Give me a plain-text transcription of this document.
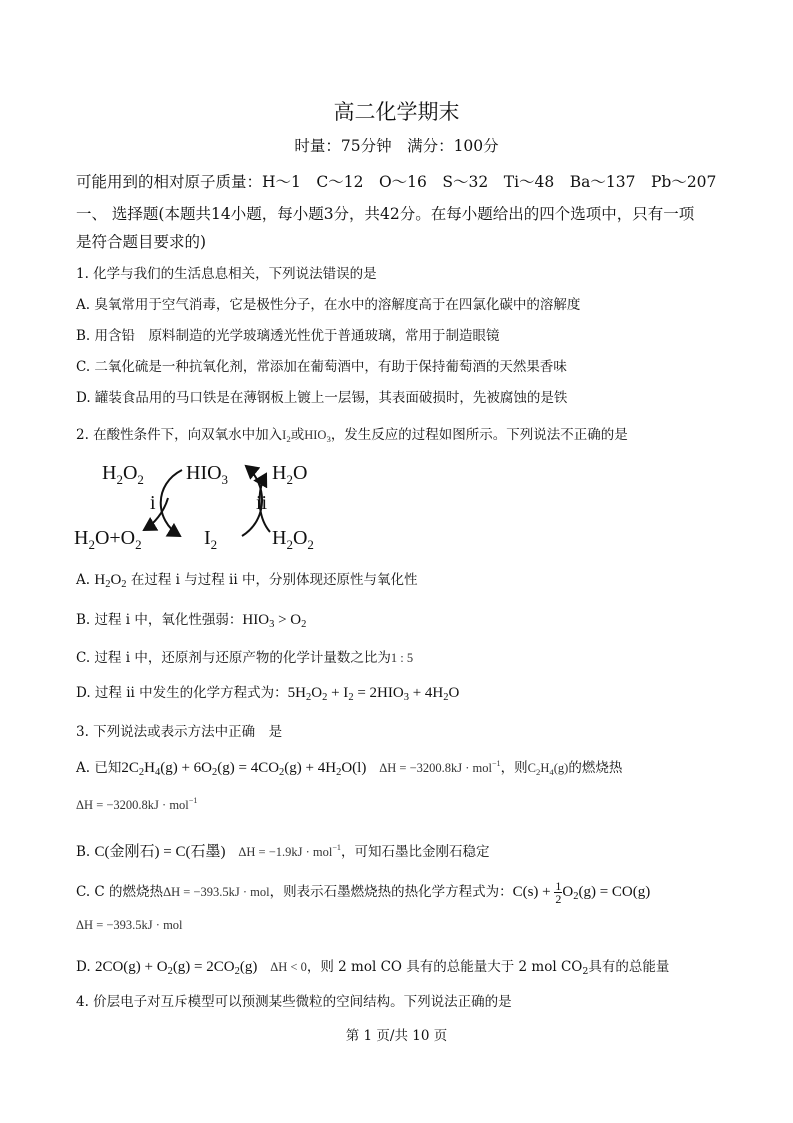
高二化学期末
时量：75分钟　满分：100分
可能用到的相对原子质量：H～1　C～12　O～16　S～32　Ti～48　Ba～137　Pb～207
一、 选择题(本题共14小题，每小题3分，共42分。在每小题给出的四个选项中，只有一项
是符合题目要求的)
1. 化学与我们的生活息息相关，下列说法错误的是
A. 臭氧常用于空气消毒，它是极性分子，在水中的溶解度高于在四氯化碳中的溶解度
B. 用含铅　原料制造的光学玻璃透光性优于普通玻璃，常用于制造眼镜
C. 二氧化硫是一种抗氧化剂，常添加在葡萄酒中，有助于保持葡萄酒的天然果香味
D. 罐装食品用的马口铁是在薄钢板上镀上一层锡，其表面破损时，先被腐蚀的是铁
2. 在酸性条件下，向双氧水中加入$I_2$或$HIO_3$，发生反应的过程如图所示。下列说法不正确的是
$H_2O_2$ $HIO_3$ $H_2O$
$H_2O+O_2$	$I_2$	$H_2O_2$
i	ii
A. $H_2O_2$ 在过程 i 与过程 ii 中，分别体现还原性与氧化性
B. 过程 i 中，氧化性强弱：$HIO_3 > O_2$
C. 过程 i 中，还原剂与还原产物的化学计量数之比为1 : 5
D. 过程 ii 中发生的化学方程式为：$5H_2O_2 + I_2 = 2HIO_3 + 4H_2O$
3. 下列说法或表示方法中正确　是
A. 已知$2C_2H_4(g) + 6O_2(g) = 4CO_2(g) + 4H_2O(l) \Delta H = -3200.8kJ \cdot mol^{-1}$，则$C_2H_4(g)$的燃烧热
ΔH = −3200.8kJ · mol$^{-1}$
B. C(金刚石) = C(石墨) ΔH = −1.9kJ · mol$^{-1}$，可知石墨比金刚石稳定
C. C 的燃烧热ΔH = −393.5kJ · mol，则表示石墨燃烧热的热化学方程式为：$C(s) + \frac{1}{2} O_2(g) = CO(g)$
ΔH = −393.5kJ · mol
D. $2CO(g) + O_2(g) = 2CO_2(g) \Delta H < 0$，则 2 mol CO 具有的总能量大于 2 mol $CO_2$具有的总能量
4. 价层电子对互斥模型可以预测某些微粒的空间结构。下列说法正确的是
第 1 页/共 10 页
